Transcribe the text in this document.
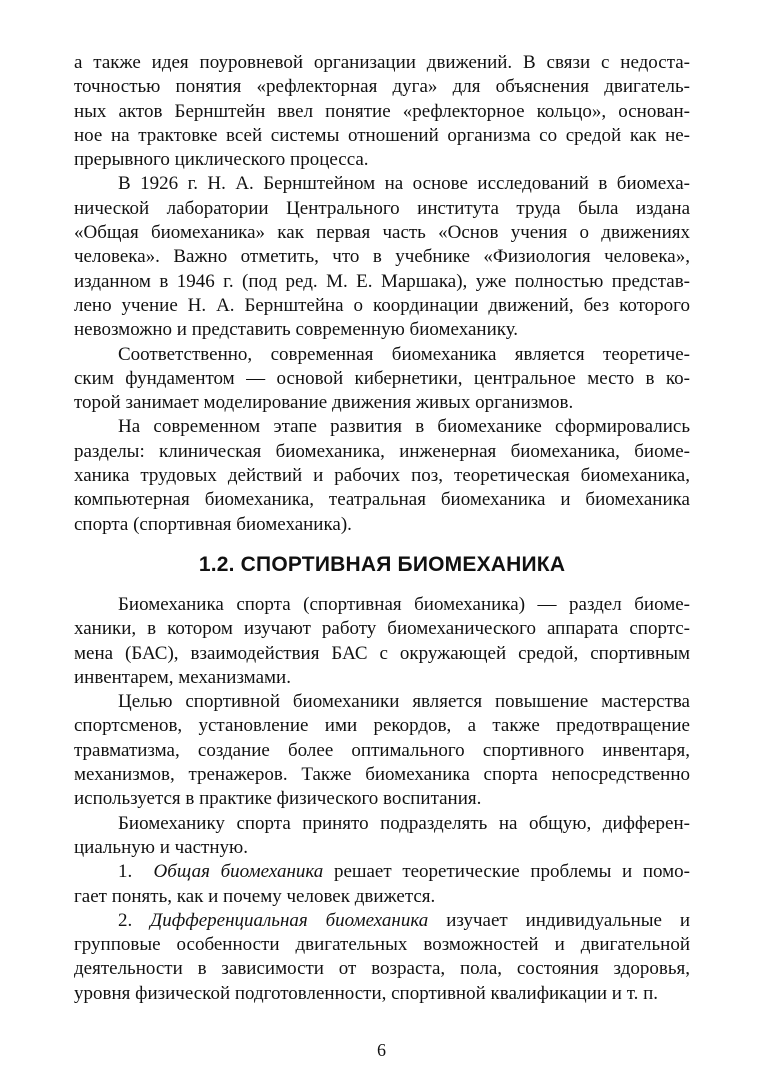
а также идея поуровневой организации движений. В связи с недоста-
точностью понятия «рефлекторная дуга» для объяснения двигатель-
ных актов Бернштейн ввел понятие «рефлекторное кольцо», основан-
ное на трактовке всей системы отношений организма со средой как не-
прерывного циклического процесса.

В 1926 г. Н. А. Бернштейном на основе исследований в биомеха-
нической лаборатории Центрального института труда была издана
«Общая биомеханика» как первая часть «Основ учения о движениях
человека». Важно отметить, что в учебнике «Физиология человека»,
изданном в 1946 г. (под ред. М. Е. Маршака), уже полностью представ-
лено учение Н. А. Бернштейна о координации движений, без которого
невозможно и представить современную биомеханику.

Соответственно, современная биомеханика является теоретиче-
ским фундаментом — основой кибернетики, центральное место в ко-
торой занимает моделирование движения живых организмов.

На современном этапе развития в биомеханике сформировались
разделы: клиническая биомеханика, инженерная биомеханика, биоме-
ханика трудовых действий и рабочих поз, теоретическая биомеханика,
компьютерная биомеханика, театральная биомеханика и биомеханика
спорта (спортивная биомеханика).

1.2. СПОРТИВНАЯ БИОМЕХАНИКА

Биомеханика спорта (спортивная биомеханика) — раздел биоме-
ханики, в котором изучают работу биомеханического аппарата спортс-
мена (БАС), взаимодействия БАС с окружающей средой, спортивным
инвентарем, механизмами.

Целью спортивной биомеханики является повышение мастерства
спортсменов, установление ими рекордов, а также предотвращение
травматизма, создание более оптимального спортивного инвентаря,
механизмов, тренажеров. Также биомеханика спорта непосредственно
используется в практике физического воспитания.

Биомеханику спорта принято подразделять на общую, дифферен-
циальную и частную.

1. Общая биомеханика решает теоретические проблемы и помо-
гает понять, как и почему человек движется.

2. Дифференциальная биомеханика изучает индивидуальные и
групповые особенности двигательных возможностей и двигательной
деятельности в зависимости от возраста, пола, состояния здоровья,
уровня физической подготовленности, спортивной квалификации и т. п.

6
